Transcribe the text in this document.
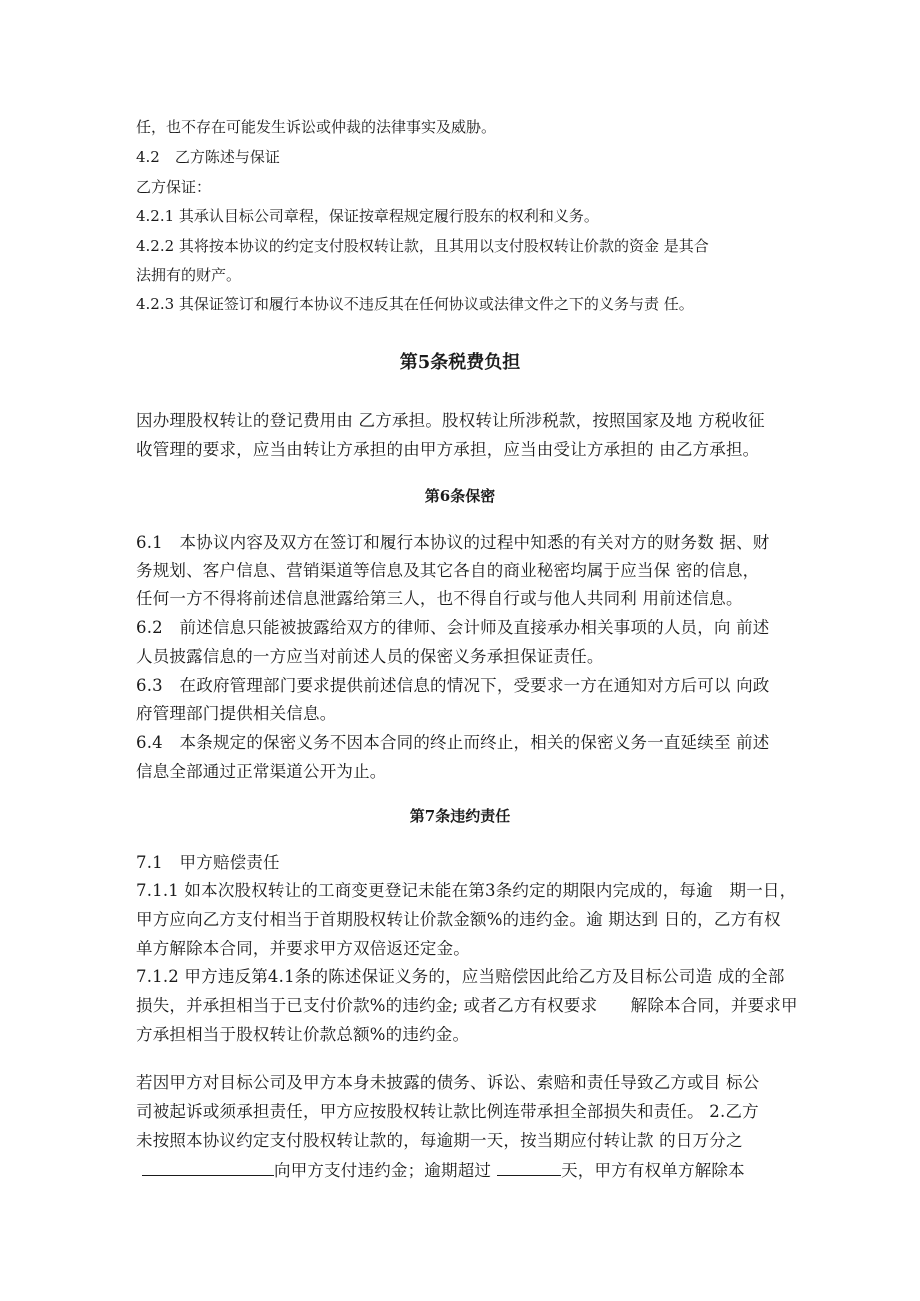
任，也不存在可能发生诉讼或仲裁的法律事实及威胁。

4.2　乙方陈述与保证

乙方保证：

4.2.1 其承认目标公司章程，保证按章程规定履行股东的权利和义务。

4.2.2 其将按本协议的约定支付股权转让款，且其用以支付股权转让价款的资金 是其合

法拥有的财产。

4.2.3 其保证签订和履行本协议不违反其在任何协议或法律文件之下的义务与责 任。

第5条税费负担

因办理股权转让的登记费用由 乙方承担。股权转让所涉税款，按照国家及地 方税收征

收管理的要求，应当由转让方承担的由甲方承担，应当由受让方承担的 由乙方承担。

第6条保密

6.1　本协议内容及双方在签订和履行本协议的过程中知悉的有关对方的财务数 据、财

务规划、客户信息、营销渠道等信息及其它各自的商业秘密均属于应当保 密的信息，

任何一方不得将前述信息泄露给第三人，也不得自行或与他人共同利 用前述信息。

6.2　前述信息只能被披露给双方的律师、会计师及直接承办相关事项的人员，向 前述

人员披露信息的一方应当对前述人员的保密义务承担保证责任。

6.3　在政府管理部门要求提供前述信息的情况下，受要求一方在通知对方后可以 向政

府管理部门提供相关信息。

6.4　本条规定的保密义务不因本合同的终止而终止，相关的保密义务一直延续至 前述

信息全部通过正常渠道公开为止。

第7条违约责任

7.1　甲方赔偿责任

7.1.1 如本次股权转让的工商变更登记未能在第3条约定的期限内完成的，每逾　期一日，

甲方应向乙方支付相当于首期股权转让价款金额%的违约金。逾 期达到 日的，乙方有权

单方解除本合同，并要求甲方双倍返还定金。

7.1.2 甲方违反第4.1条的陈述保证义务的，应当赔偿因此给乙方及目标公司造 成的全部

损失，并承担相当于已支付价款%的违约金; 或者乙方有权要求　　解除本合同，并要求甲

方承担相当于股权转让价款总额%的违约金。

若因甲方对目标公司及甲方本身未披露的债务、诉讼、索赔和责任导致乙方或目 标公

司被起诉或须承担责任，甲方应按股权转让款比例连带承担全部损失和责任。 2.乙方

未按照本协议约定支付股权转让款的，每逾期一天，按当期应付转让款 的日万分之

向甲方支付违约金；逾期超过	天，甲方有权单方解除本
